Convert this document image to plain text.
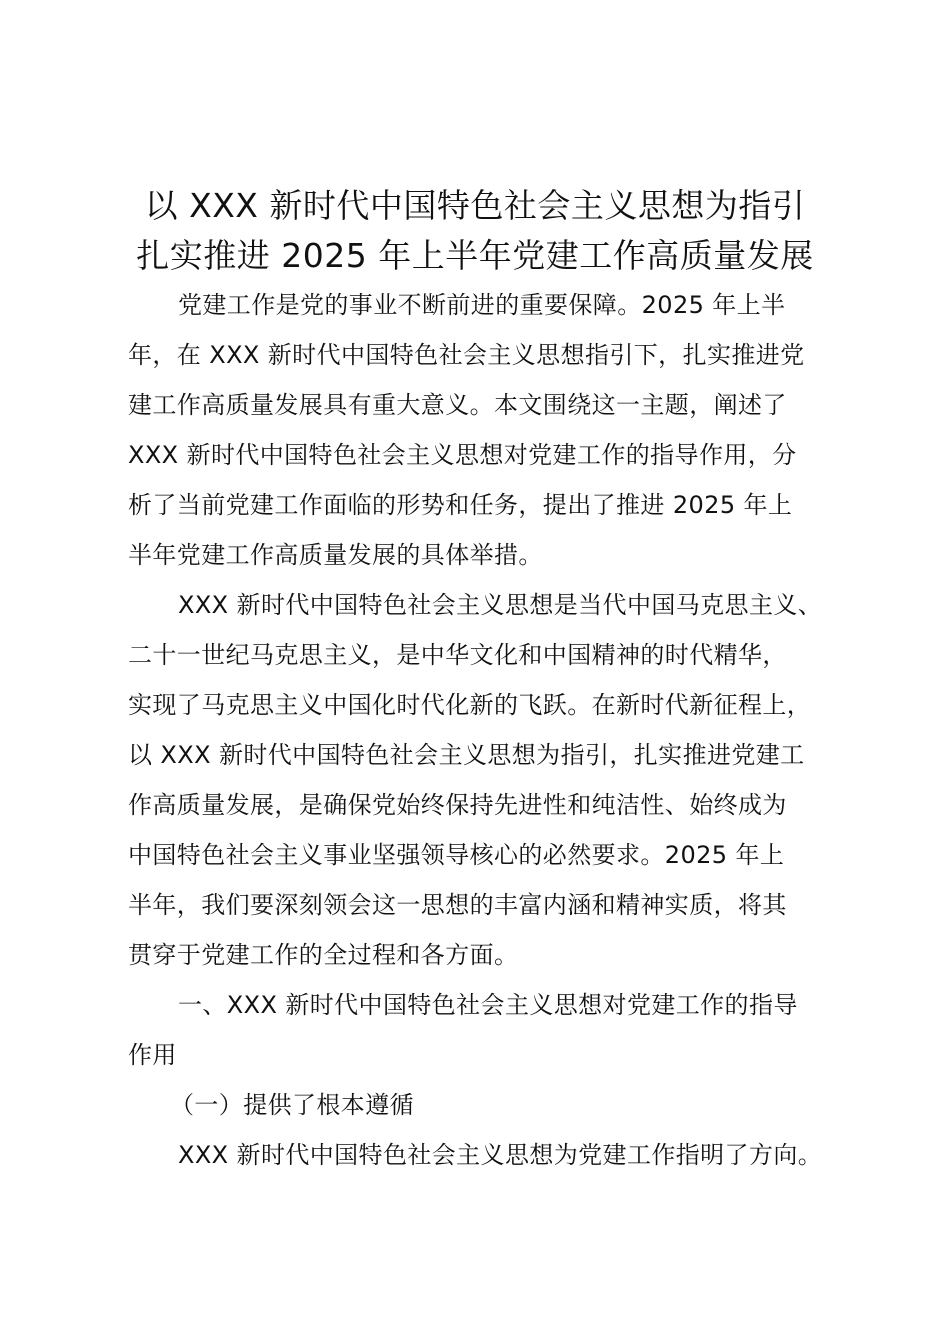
以 XXX 新时代中国特色社会主义思想为指引
扎实推进 2025 年上半年党建工作高质量发展
党建工作是党的事业不断前进的重要保障。2025 年上半
年，在 XXX 新时代中国特色社会主义思想指引下，扎实推进党
建工作高质量发展具有重大意义。本文围绕这一主题，阐述了
XXX 新时代中国特色社会主义思想对党建工作的指导作用，分
析了当前党建工作面临的形势和任务，提出了推进 2025 年上
半年党建工作高质量发展的具体举措。
XXX 新时代中国特色社会主义思想是当代中国马克思主义、
二十一世纪马克思主义，是中华文化和中国精神的时代精华，
实现了马克思主义中国化时代化新的飞跃。在新时代新征程上，
以 XXX 新时代中国特色社会主义思想为指引，扎实推进党建工
作高质量发展，是确保党始终保持先进性和纯洁性、始终成为
中国特色社会主义事业坚强领导核心的必然要求。2025 年上
半年，我们要深刻领会这一思想的丰富内涵和精神实质，将其
贯穿于党建工作的全过程和各方面。
一、XXX 新时代中国特色社会主义思想对党建工作的指导
作用
（一）提供了根本遵循
XXX 新时代中国特色社会主义思想为党建工作指明了方向。
